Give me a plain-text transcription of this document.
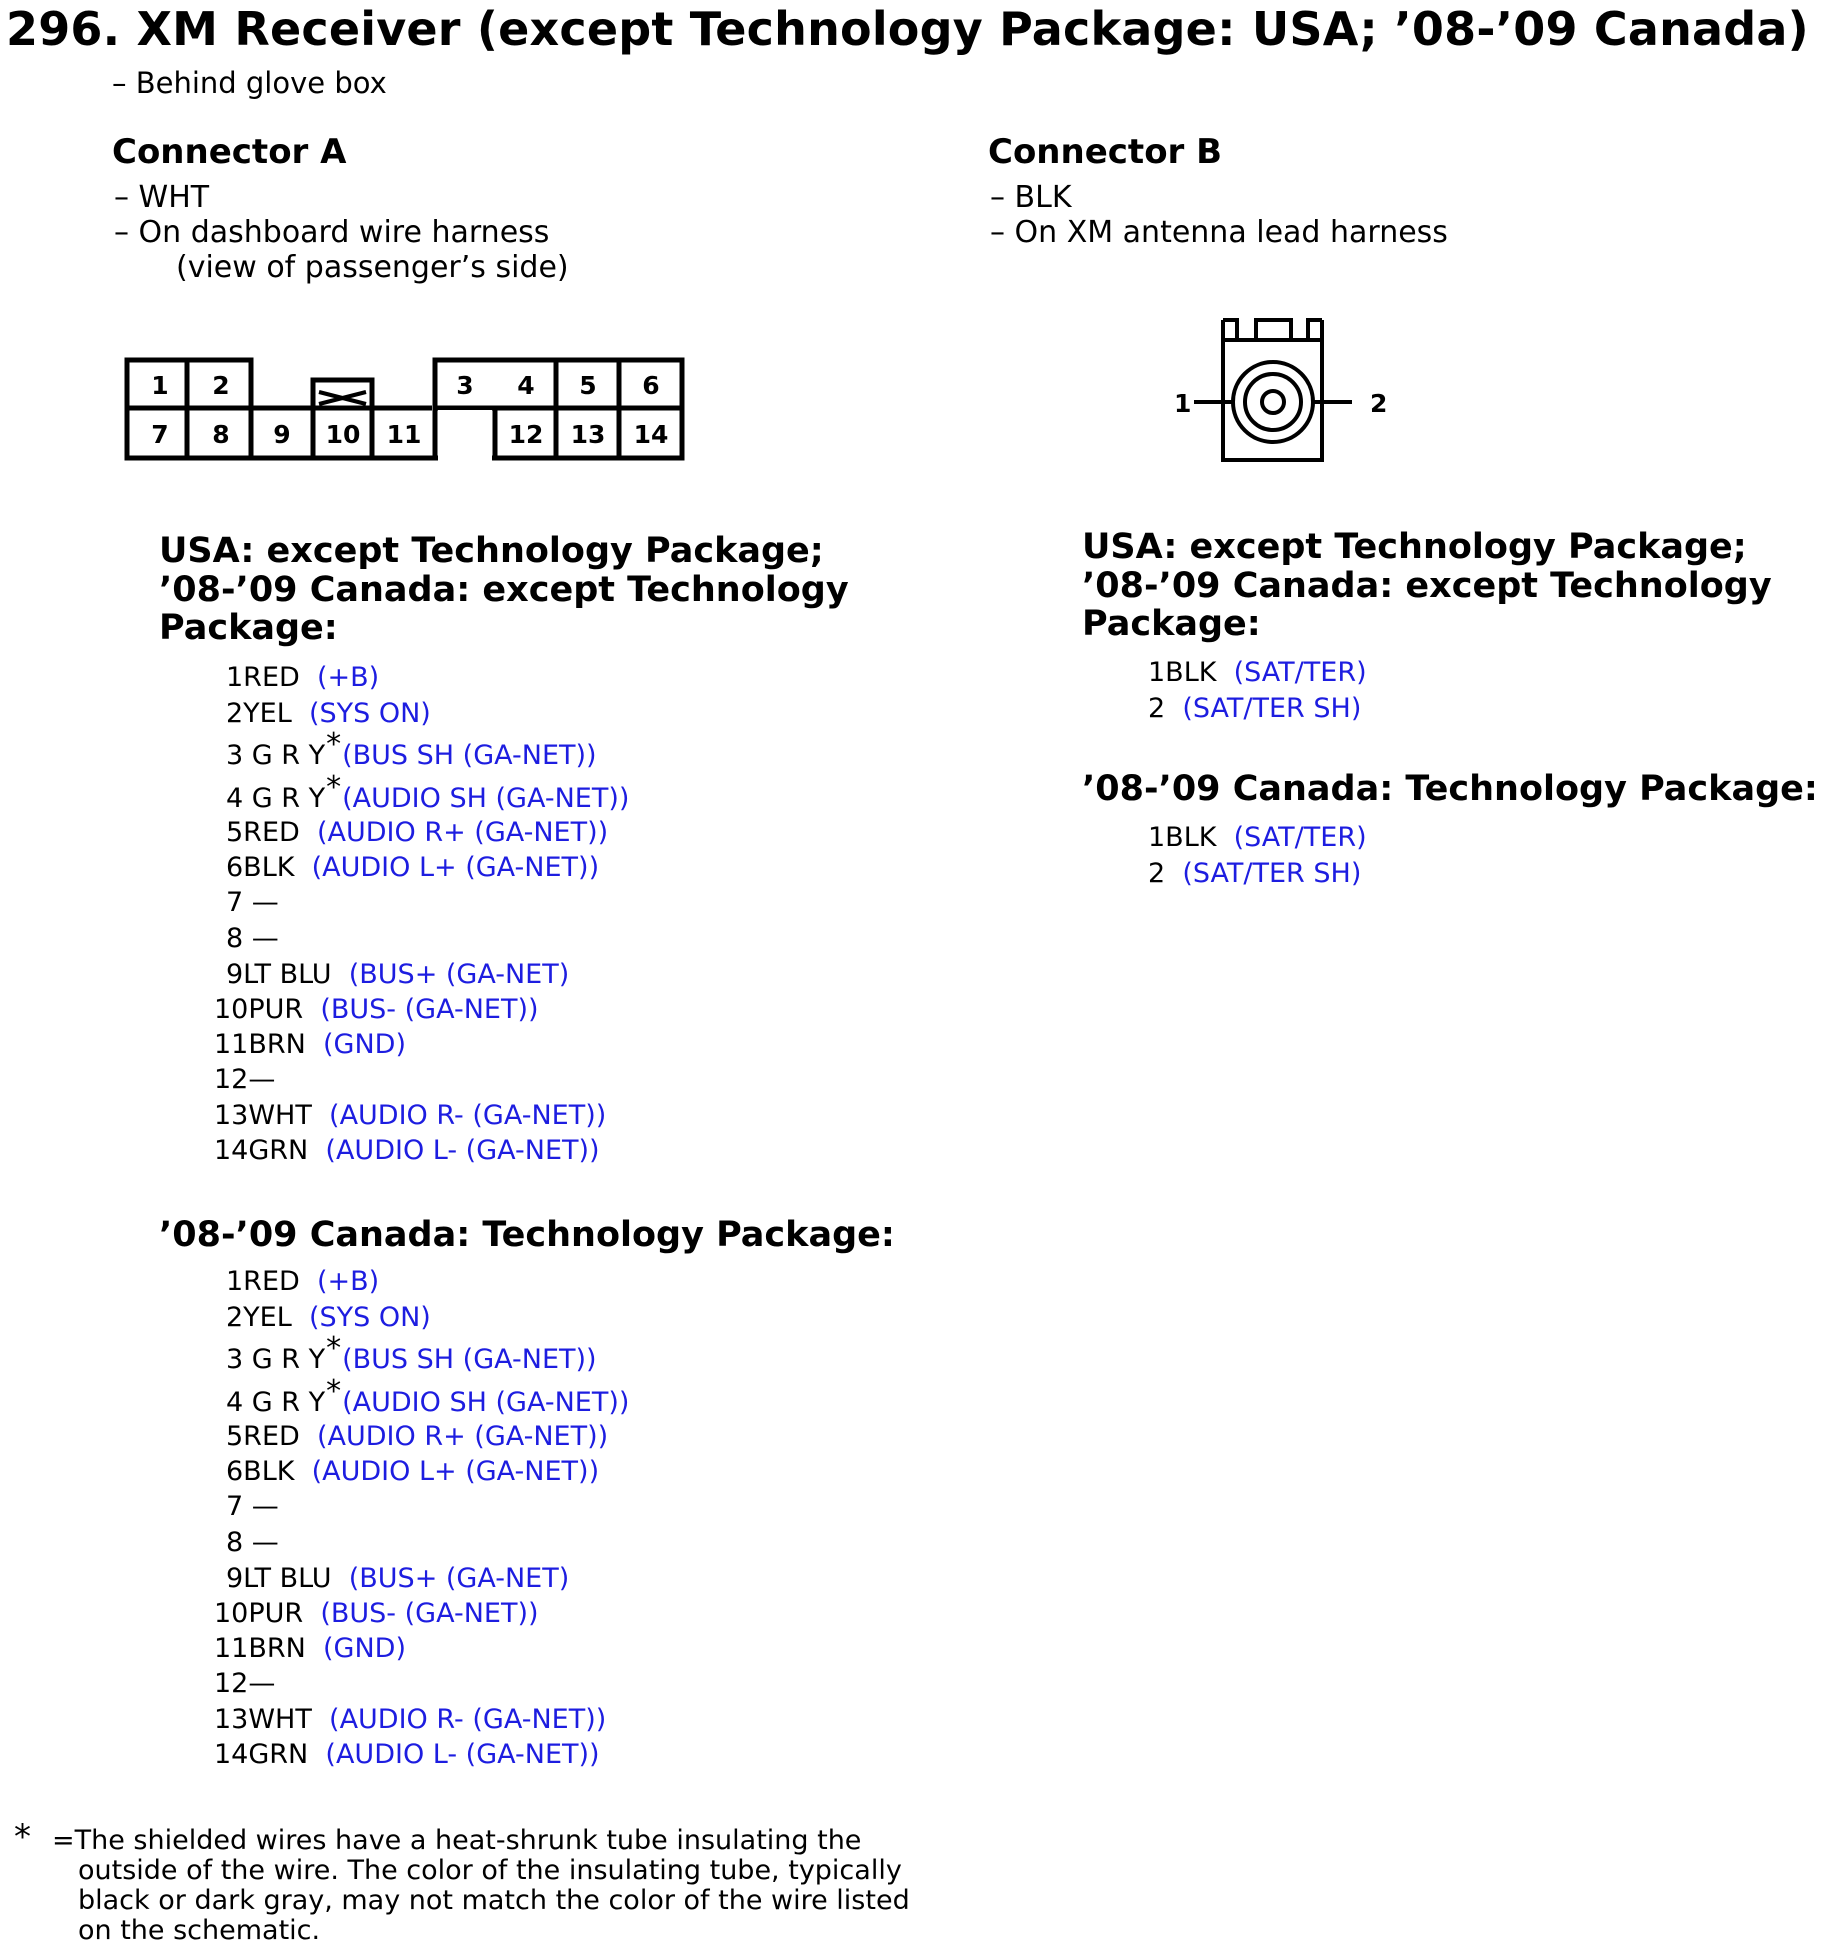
296. XM Receiver (except Technology Package: USA; ’08-’09 Canada)
– Behind glove box
Connector A
– WHT
– On dashboard wire harness
(view of passenger’s side)
Connector B
– BLK
– On XM antenna lead harness
1 2	3 4 5 6
7 8 9 10 11	12 13 14
1	2
USA: except Technology Package;
’08-’09 Canada: except Technology
Package:
’08-’09 Canada: Technology Package:
USA: except Technology Package;
’08-’09 Canada: except Technology
Package:
’08-’09 Canada: Technology Package:
1RED (+B)
2YEL (SYS ON)
3 G R Y*(BUS SH (GA-NET))
4 G R Y*(AUDIO SH (GA-NET))
5RED (AUDIO R+ (GA-NET))
6BLK (AUDIO L+ (GA-NET))
7 —
8 —
9LT BLU (BUS+ (GA-NET)
10PUR (BUS- (GA-NET))
11BRN (GND)
12—
13WHT (AUDIO R- (GA-NET))
14GRN (AUDIO L- (GA-NET))
1RED (+B)
2YEL (SYS ON)
3 G R Y*(BUS SH (GA-NET))
4 G R Y*(AUDIO SH (GA-NET))
5RED (AUDIO R+ (GA-NET))
6BLK (AUDIO L+ (GA-NET))
7 —
8 —
9LT BLU (BUS+ (GA-NET)
10PUR (BUS- (GA-NET))
11BRN (GND)
12—
13WHT (AUDIO R- (GA-NET))
14GRN (AUDIO L- (GA-NET))
1BLK (SAT/TER)
2 (SAT/TER SH)
1BLK (SAT/TER)
2 (SAT/TER SH)
* =The shielded wires have a heat-shrunk tube insulating the
outside of the wire. The color of the insulating tube, typically
black or dark gray, may not match the color of the wire listed
on the schematic.
